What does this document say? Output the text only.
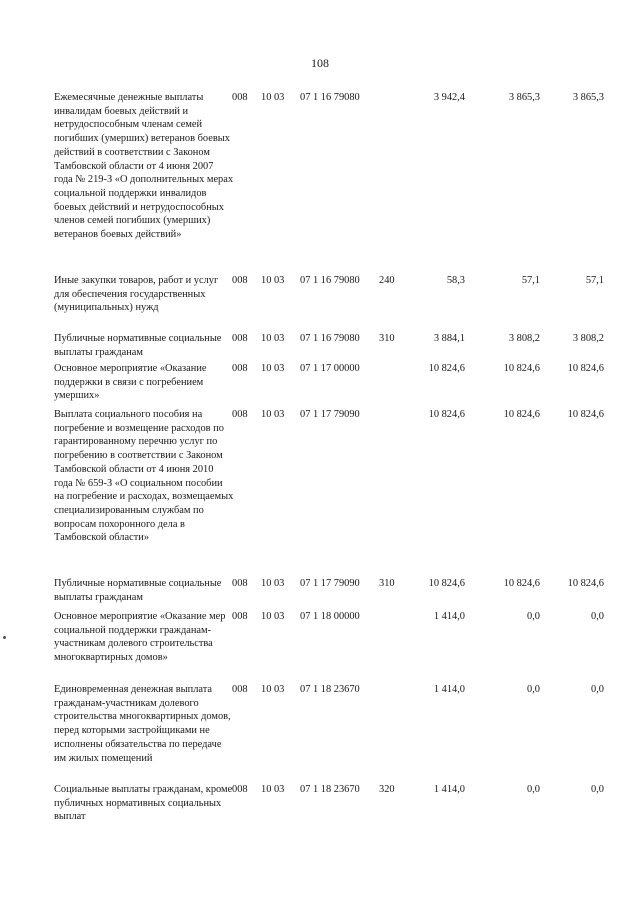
108
Ежемесячные денежные выплаты инвалидам боевых действий и нетрудоспособным членам семей погибших (умерших) ветеранов боевых действий в соответствии с Законом Тамбовской области от 4 июня 2007 года № 219-З «О дополнительных мерах социальной поддержки инвалидов боевых действий и нетрудоспособных членов семей погибших (умерших) ветеранов боевых действий»
008 10 03 07 1 16 79080	3 942,4	3 865,3	3 865,3
Иные закупки товаров, работ и услуг для обеспечения государственных (муниципальных) нужд
008 10 03 07 1 16 79080 240	58,3	57,1	57,1
Публичные нормативные социальные выплаты гражданам
008 10 03 07 1 16 79080 310	3 884,1	3 808,2	3 808,2
Основное мероприятие «Оказание поддержки в связи с погребением умерших»
008 10 03 07 1 17 00000	10 824,6	10 824,6	10 824,6
Выплата социального пособия на погребение и возмещение расходов по гарантированному перечню услуг по погребению в соответствии с Законом Тамбовской области от 4 июня 2010 года № 659-З «О социальном пособии на погребение и расходах, возмещаемых специализированным службам по вопросам похоронного дела в Тамбовской области»
008 10 03 07 1 17 79090	10 824,6	10 824,6	10 824,6
Публичные нормативные социальные выплаты гражданам
008 10 03 07 1 17 79090 310	10 824,6	10 824,6	10 824,6
Основное мероприятие «Оказание мер социальной поддержки гражданам-участникам долевого строительства многоквартирных домов»
008 10 03 07 1 18 00000	1 414,0	0,0	0,0
Единовременная денежная выплата гражданам-участникам долевого строительства многоквартирных домов, перед которыми застройщиками не исполнены обязательства по передаче им жилых помещений
008 10 03 07 1 18 23670	1 414,0	0,0	0,0
Социальные выплаты гражданам, кроме публичных нормативных социальных выплат
008 10 03 07 1 18 23670 320	1 414,0	0,0	0,0
